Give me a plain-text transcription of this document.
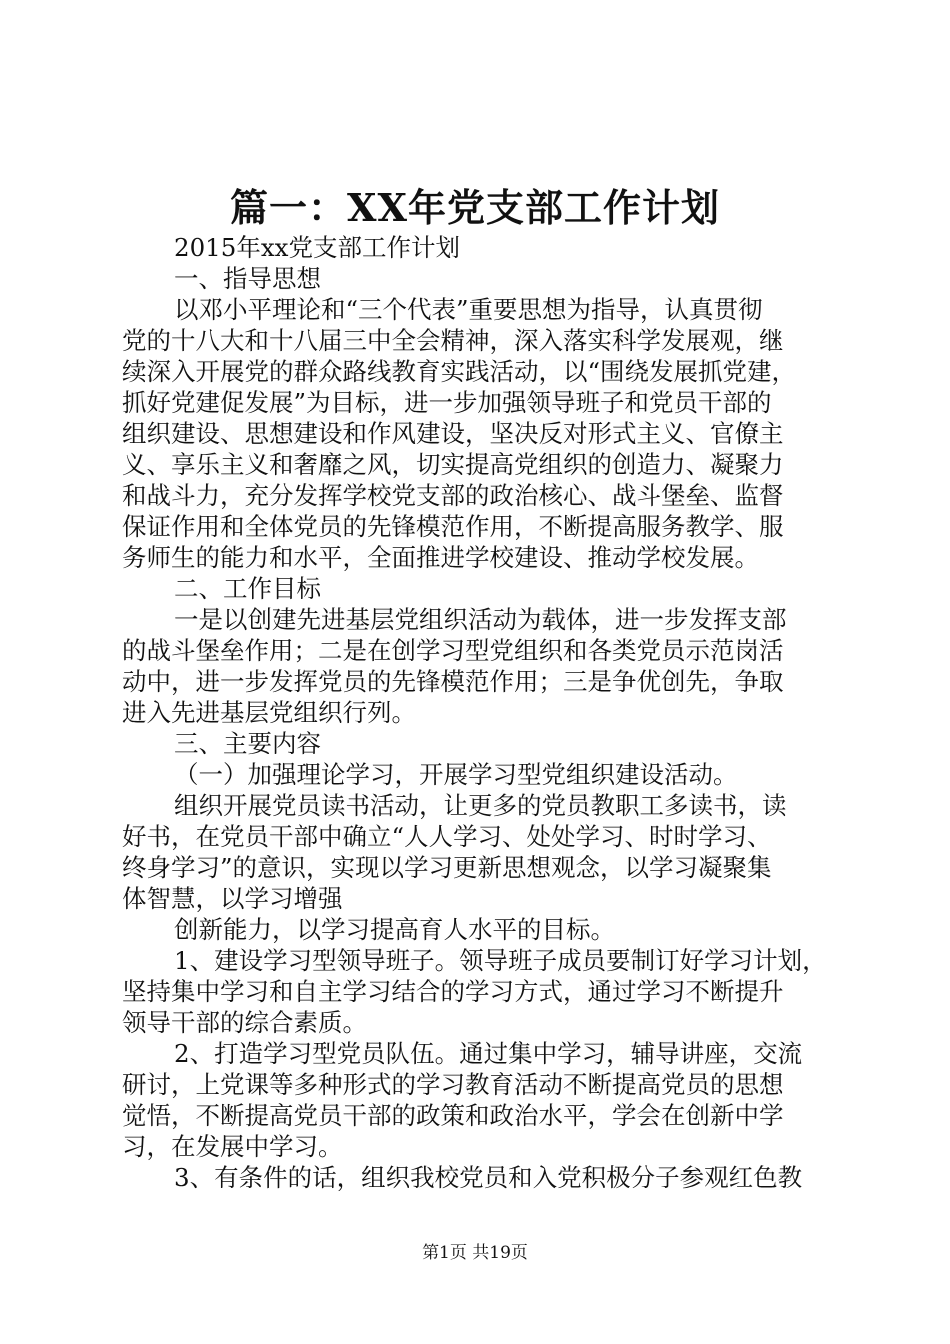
篇一：XX年党支部工作计划
2015年xx党支部工作计划
一、指导思想
以邓小平理论和“三个代表”重要思想为指导，认真贯彻
党的十八大和十八届三中全会精神，深入落实科学发展观，继
续深入开展党的群众路线教育实践活动，以“围绕发展抓党建，
抓好党建促发展”为目标，进一步加强领导班子和党员干部的
组织建设、思想建设和作风建设，坚决反对形式主义、官僚主
义、享乐主义和奢靡之风，切实提高党组织的创造力、凝聚力
和战斗力，充分发挥学校党支部的政治核心、战斗堡垒、监督
保证作用和全体党员的先锋模范作用，不断提高服务教学、服
务师生的能力和水平，全面推进学校建设、推动学校发展。
二、工作目标
一是以创建先进基层党组织活动为载体，进一步发挥支部
的战斗堡垒作用；二是在创学习型党组织和各类党员示范岗活
动中，进一步发挥党员的先锋模范作用；三是争优创先，争取
进入先进基层党组织行列。
三、主要内容
（一）加强理论学习，开展学习型党组织建设活动。
组织开展党员读书活动，让更多的党员教职工多读书，读
好书，在党员干部中确立“人人学习、处处学习、时时学习、
终身学习”的意识，实现以学习更新思想观念，以学习凝聚集
体智慧，以学习增强
创新能力，以学习提高育人水平的目标。
1、建设学习型领导班子。领导班子成员要制订好学习计划，
坚持集中学习和自主学习结合的学习方式，通过学习不断提升
领导干部的综合素质。
2、打造学习型党员队伍。通过集中学习，辅导讲座，交流
研讨，上党课等多种形式的学习教育活动不断提高党员的思想
觉悟，不断提高党员干部的政策和政治水平，学会在创新中学
习，在发展中学习。
3、有条件的话，组织我校党员和入党积极分子参观红色教
第1页 共19页
